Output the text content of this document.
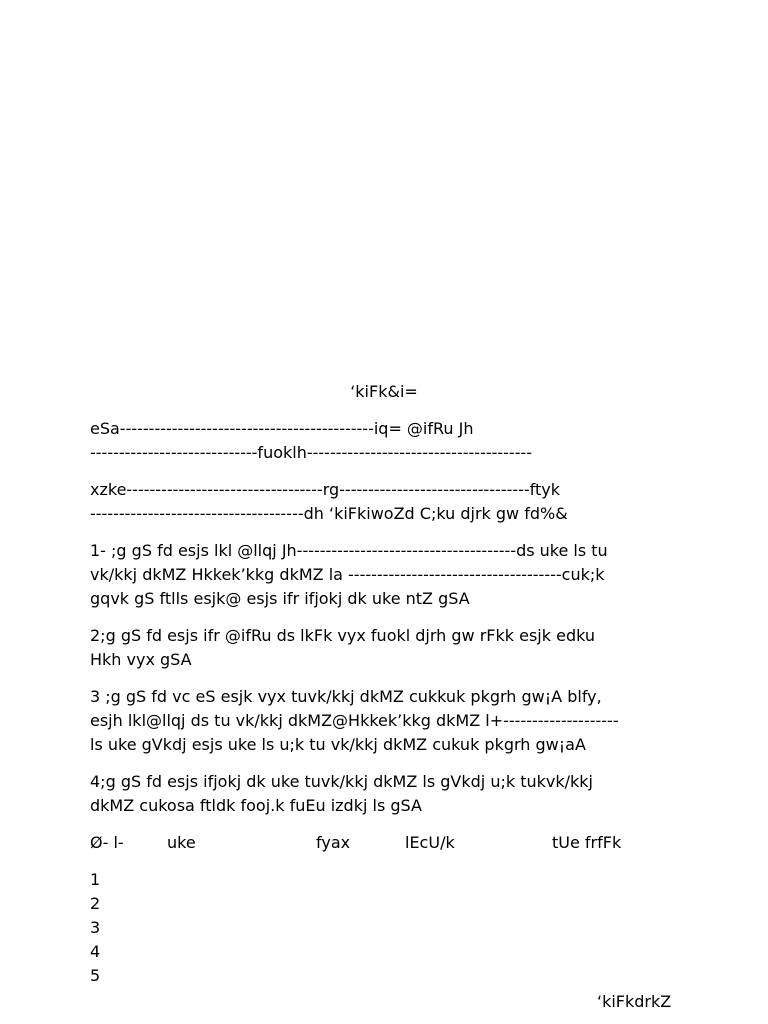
‘kiFk&i=
eSa--------------------------------------------iq= @ifRu Jh
-----------------------------fuoklh---------------------------------------
xzke----------------------------------rg---------------------------------ftyk
-------------------------------------dh ‘kiFkiwoZd C;ku djrk gw fd%&
1- ;g gS fd esjs lkl @llqj Jh--------------------------------------ds uke ls tu
vk/kkj dkMZ Hkkek’kkg dkMZ la -------------------------------------cuk;k
gqvk gS ftlls esjk@ esjs ifr ifjokj dk uke ntZ gSA
2;g gS fd esjs ifr @ifRu ds lkFk vyx fuokl djrh gw rFkk esjk edku
Hkh vyx gSA
3 ;g gS fd vc eS esjk vyx tuvk/kkj dkMZ cukkuk pkgrh gw¡A blfy,
esjh lkl@llqj ds tu vk/kkj dkMZ@Hkkek’kkg dkMZ l+--------------------
ls uke gVkdj esjs uke ls u;k tu vk/kkj dkMZ cukuk pkgrh gw¡aA
4;g gS fd esjs ifjokj dk uke tuvk/kkj dkMZ ls gVkdj u;k tukvk/kkj
dkMZ cukosa ftldk fooj.k fuEu izdkj ls gSA
Ø- l-	uke	fyax	lEcU/k	tUe frfFk
1
2
3
4
5
‘kiFkdrkZ
